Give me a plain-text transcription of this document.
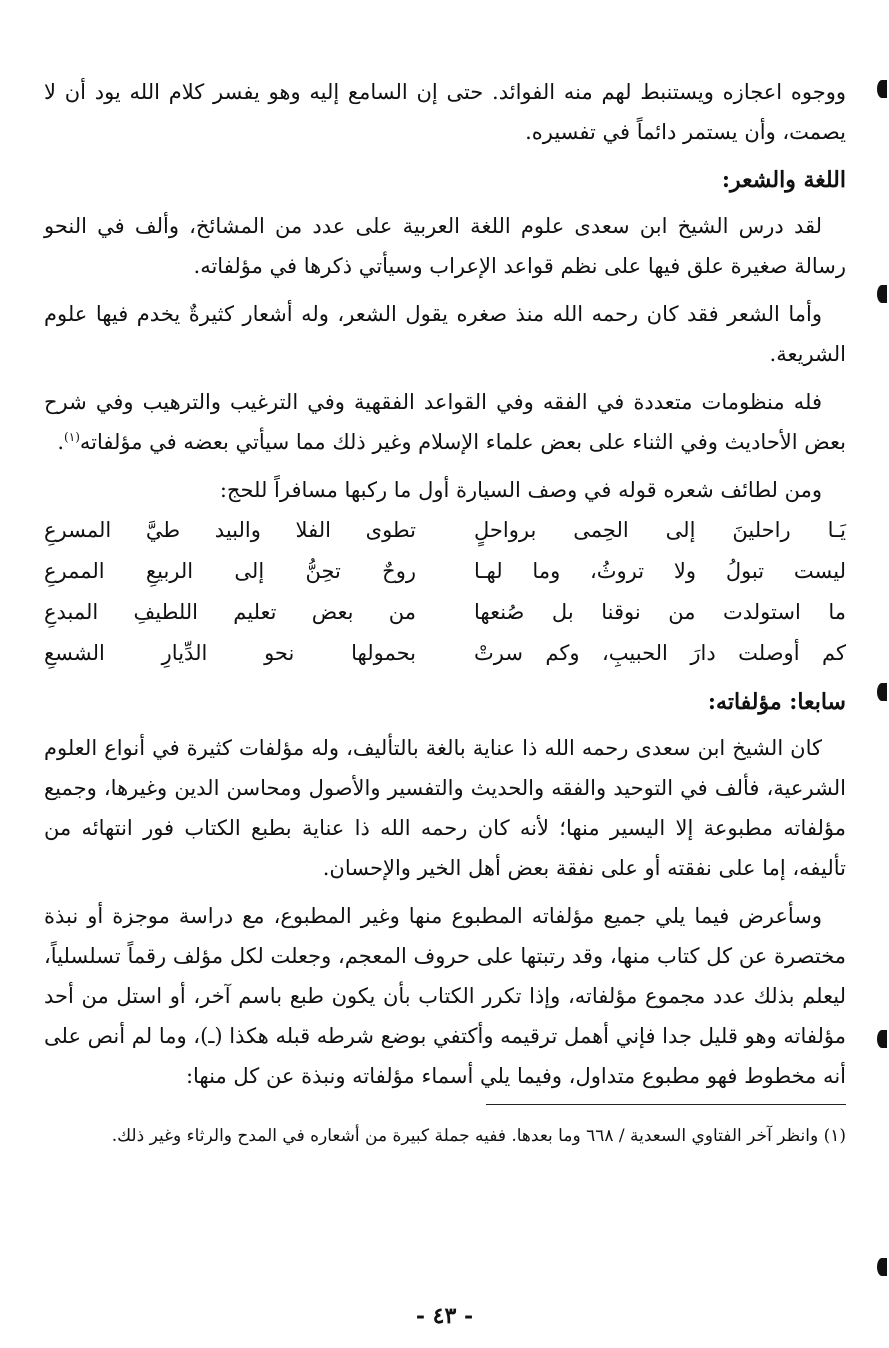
ووجوه اعجازه ويستنبط لهم منه الفوائد. حتى إن السامع إليه وهو يفسر كلام الله يود أن لا يصمت، وأن يستمر دائماً في تفسيره.

اللغة والشعر:

لقد درس الشيخ ابن سعدى علوم اللغة العربية على عدد من المشائخ، وألف في النحو رسالة صغيرة علق فيها على نظم قواعد الإعراب وسيأتي ذكرها في مؤلفاته.

وأما الشعر فقد كان رحمه الله منذ صغره يقول الشعر، وله أشعار كثيرةٌ يخدم فيها علوم الشريعة.

فله منظومات متعددة في الفقه وفي القواعد الفقهية وفي الترغيب والترهيب وفي شرح بعض الأحاديث وفي الثناء على بعض علماء الإسلام وغير ذلك مما سيأتي بعضه في مؤلفاته$^{(١)}$.

ومن لطائف شعره قوله في وصف السيارة أول ما ركبها مسافراً للحج:

يَـا راحلينَ إلى الحِمى برواحلٍ
تطوى الفلا والبيد طيَّ المسرعِ
ليست تبولُ ولا تروثُ، وما لهـا
روحٌ تحِنُّ إلى الربيعِ الممرعِ
ما استولدت من نوقنا بل صُنعها
من بعض تعليم اللطيفِ المبدعِ
كم أوصلت دارَ الحبيبِ، وكم سرتْ
بحمولها نحو الدِّيارِ الشسعِ
سابعا: مؤلفاته:

كان الشيخ ابن سعدى رحمه الله ذا عناية بالغة بالتأليف، وله مؤلفات كثيرة في أنواع العلوم الشرعية، فألف في التوحيد والفقه والحديث والتفسير والأصول ومحاسن الدين وغيرها، وجميع مؤلفاته مطبوعة إلا اليسير منها؛ لأنه كان رحمه الله ذا عناية بطبع الكتاب فور انتهائه من تأليفه، إما على نفقته أو على نفقة بعض أهل الخير والإحسان.

وسأعرض فيما يلي جميع مؤلفاته المطبوع منها وغير المطبوع، مع دراسة موجزة أو نبذة مختصرة عن كل كتاب منها، وقد رتبتها على حروف المعجم، وجعلت لكل مؤلف رقماً تسلسلياً، ليعلم بذلك عدد مجموع مؤلفاته، وإذا تكرر الكتاب بأن يكون طبع باسم آخر، أو استل من أحد مؤلفاته وهو قليل جدا فإني أهمل ترقيمه وأكتفي بوضع شرطه قبله هكذا (ـ)، وما لم أنص على أنه مخطوط فهو مطبوع متداول، وفيما يلي أسماء مؤلفاته ونبذة عن كل منها:

(١) وانظر آخر الفتاوي السعدية / ٦٦٨ وما بعدها. ففيه جملة كبيرة من أشعاره في المدح والرثاء وغير ذلك.

- ٤٣ -
